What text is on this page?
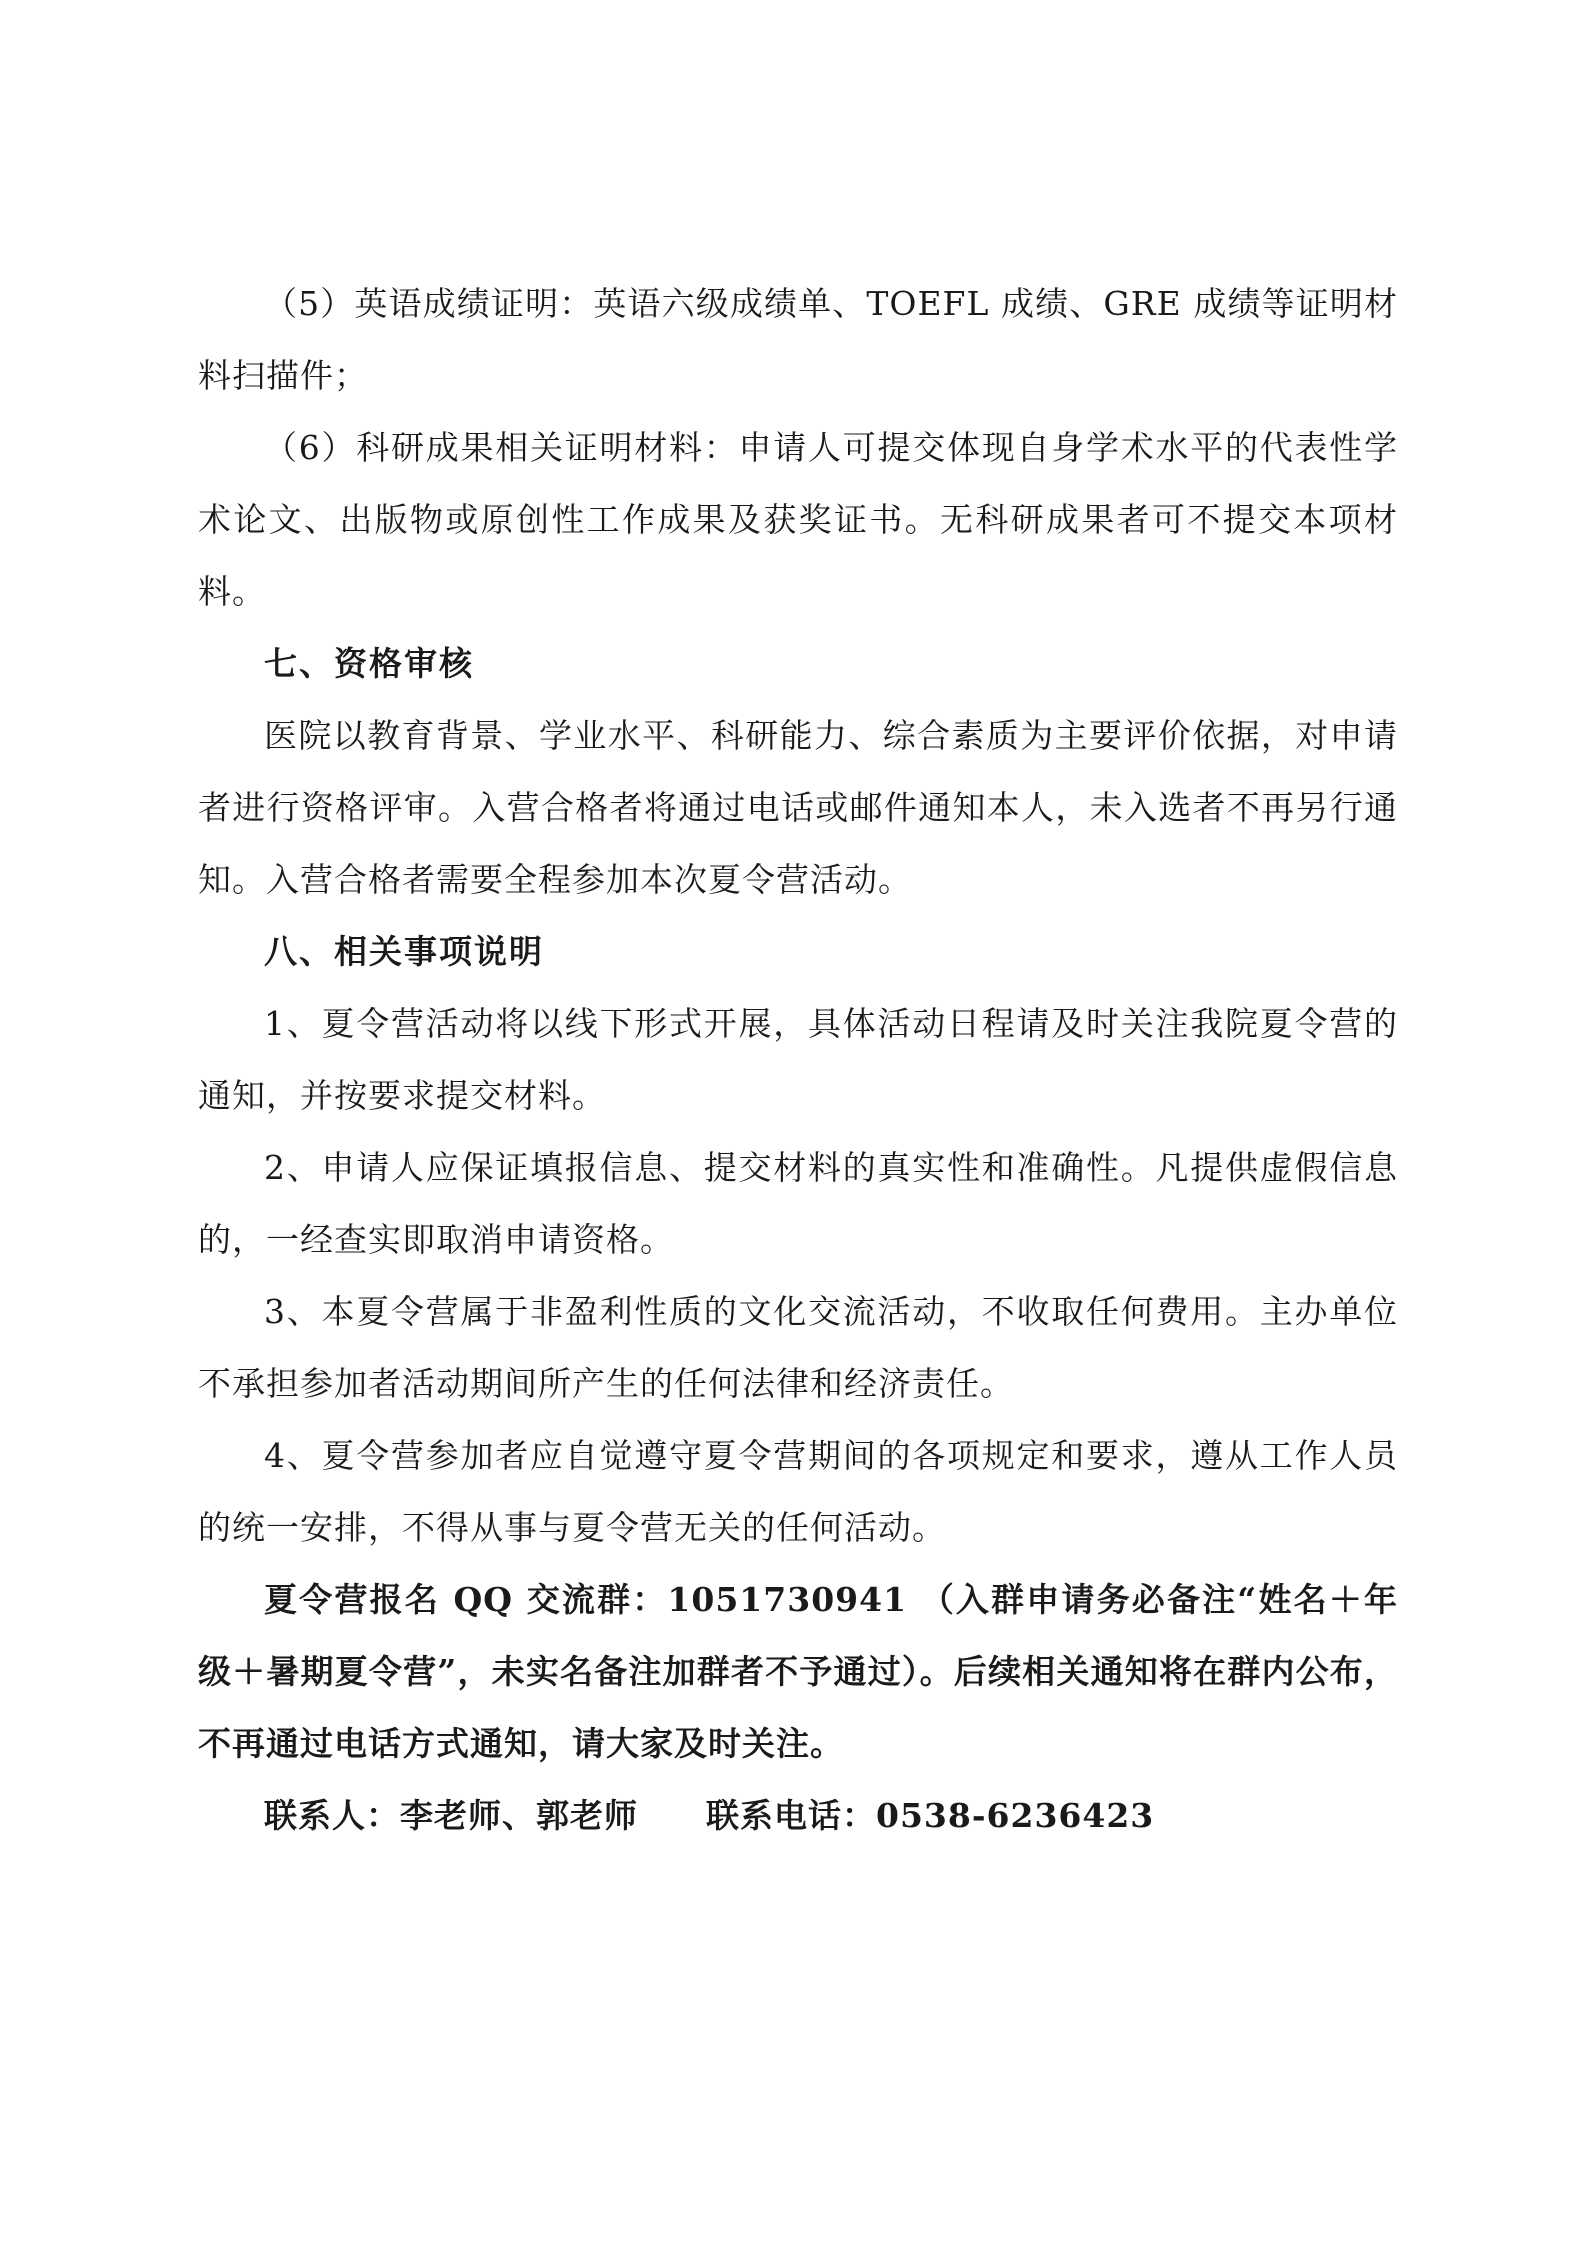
（5）英语成绩证明：英语六级成绩单、TOEFL 成绩、GRE 成绩等证明材料扫描件；

（6）科研成果相关证明材料：申请人可提交体现自身学术水平的代表性学术论文、出版物或原创性工作成果及获奖证书。无科研成果者可不提交本项材料。

七、资格审核

医院以教育背景、学业水平、科研能力、综合素质为主要评价依据，对申请者进行资格评审。入营合格者将通过电话或邮件通知本人，未入选者不再另行通知。入营合格者需要全程参加本次夏令营活动。

八、相关事项说明

1、夏令营活动将以线下形式开展，具体活动日程请及时关注我院夏令营的通知，并按要求提交材料。

2、申请人应保证填报信息、提交材料的真实性和准确性。凡提供虚假信息的，一经查实即取消申请资格。

3、本夏令营属于非盈利性质的文化交流活动，不收取任何费用。主办单位不承担参加者活动期间所产生的任何法律和经济责任。

4、夏令营参加者应自觉遵守夏令营期间的各项规定和要求，遵从工作人员的统一安排，不得从事与夏令营无关的任何活动。

夏令营报名 QQ 交流群：1051730941 （入群申请务必备注“姓名＋年级＋暑期夏令营”，未实名备注加群者不予通过）。后续相关通知将在群内公布，不再通过电话方式通知，请大家及时关注。

联系人：李老师、郭老师　　联系电话：0538-6236423
